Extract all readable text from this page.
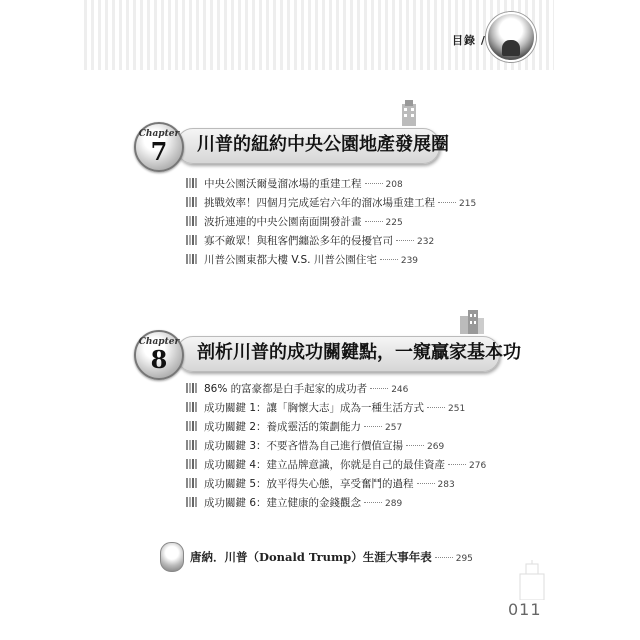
目錄 /
川普的紐約中央公園地產發展圈
Chapter
7
中央公園沃爾曼溜冰場的重建工程	208
挑戰效率！四個月完成延宕六年的溜冰場重建工程	215
波折連連的中央公園南面開發計畫	225
寡不敵眾！與租客們纏訟多年的侵擾官司	232
川普公園東都大樓 V.S. 川普公園住宅	239
剖析川普的成功關鍵點，一窺贏家基本功
Chapter
8
86% 的富豪都是白手起家的成功者	246
成功關鍵 1：讓「胸懷大志」成為一種生活方式	251
成功關鍵 2：養成靈活的策劃能力	257
成功關鍵 3：不要吝惜為自己進行價值宣揚	269
成功關鍵 4：建立品牌意識，你就是自己的最佳資產	276
成功關鍵 5：放平得失心態，享受奮鬥的過程	283
成功關鍵 6：建立健康的金錢觀念	289
唐納．川普（Donald Trump）生涯大事年表	295
011
